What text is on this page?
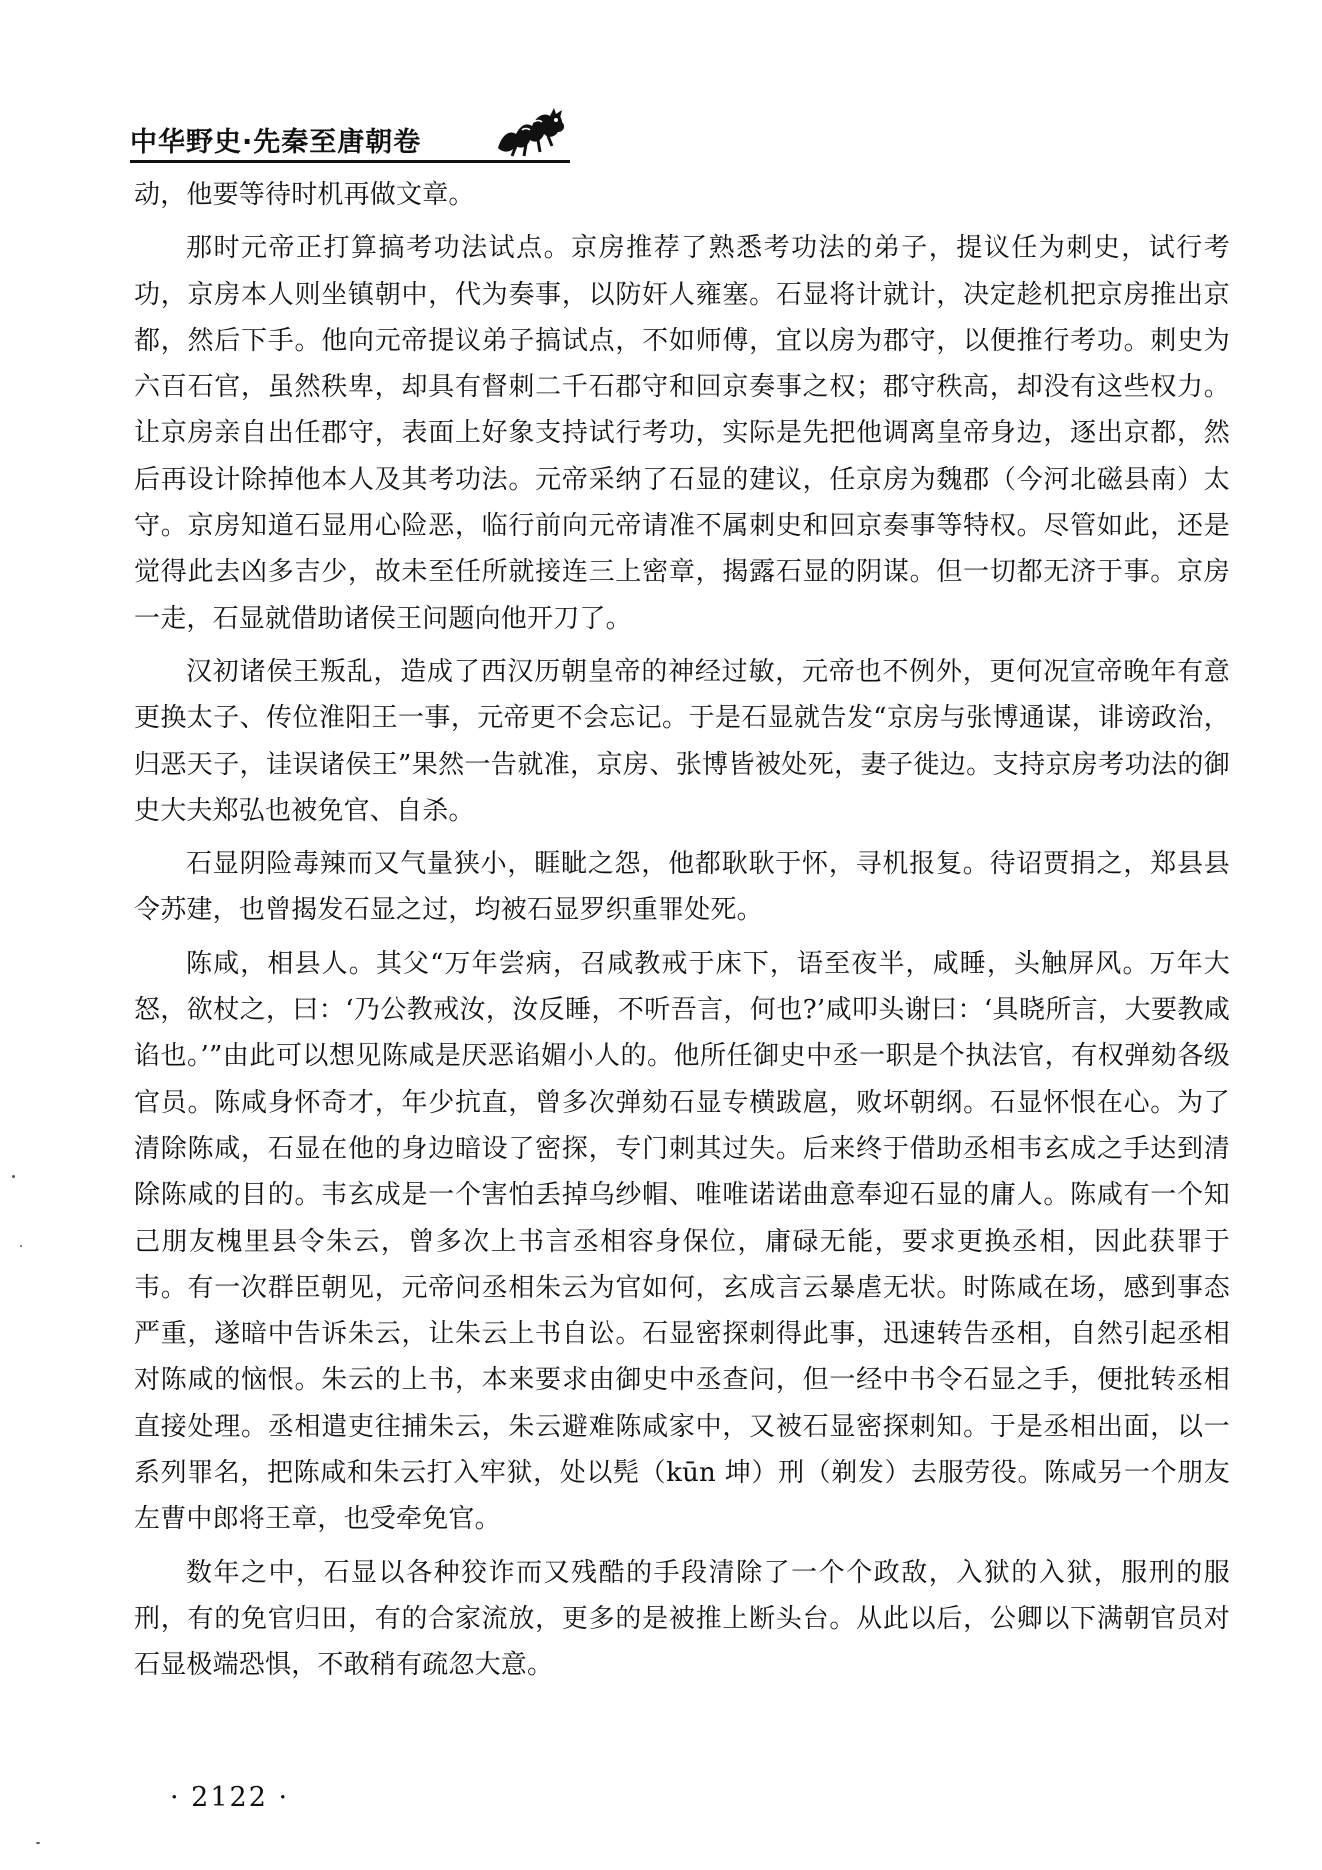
中华野史·先秦至唐朝卷

动，他要等待时机再做文章。

那时元帝正打算搞考功法试点。京房推荐了熟悉考功法的弟子，提议任为刺史，试行考功，京房本人则坐镇朝中，代为奏事，以防奸人雍塞。石显将计就计，决定趁机把京房推出京都，然后下手。他向元帝提议弟子搞试点，不如师傅，宜以房为郡守，以便推行考功。刺史为六百石官，虽然秩卑，却具有督刺二千石郡守和回京奏事之权；郡守秩高，却没有这些权力。让京房亲自出任郡守，表面上好象支持试行考功，实际是先把他调离皇帝身边，逐出京都，然后再设计除掉他本人及其考功法。元帝采纳了石显的建议，任京房为魏郡（今河北磁县南）太守。京房知道石显用心险恶，临行前向元帝请准不属刺史和回京奏事等特权。尽管如此，还是觉得此去凶多吉少，故未至任所就接连三上密章，揭露石显的阴谋。但一切都无济于事。京房一走，石显就借助诸侯王问题向他开刀了。

汉初诸侯王叛乱，造成了西汉历朝皇帝的神经过敏，元帝也不例外，更何况宣帝晚年有意更换太子、传位淮阳王一事，元帝更不会忘记。于是石显就告发“京房与张博通谋，诽谤政治，归恶天子，诖误诸侯王”果然一告就准，京房、张博皆被处死，妻子徙边。支持京房考功法的御史大夫郑弘也被免官、自杀。

石显阴险毒辣而又气量狭小，睚眦之怨，他都耿耿于怀，寻机报复。待诏贾捐之，郑县县令苏建，也曾揭发石显之过，均被石显罗织重罪处死。

陈咸，相县人。其父“万年尝病，召咸教戒于床下，语至夜半，咸睡，头触屏风。万年大怒，欲杖之，曰：‘乃公教戒汝，汝反睡，不听吾言，何也?’咸叩头谢曰：‘具晓所言，大要教咸谄也。’”由此可以想见陈咸是厌恶谄媚小人的。他所任御史中丞一职是个执法官，有权弹劾各级官员。陈咸身怀奇才，年少抗直，曾多次弹劾石显专横跋扈，败坏朝纲。石显怀恨在心。为了清除陈咸，石显在他的身边暗设了密探，专门刺其过失。后来终于借助丞相韦玄成之手达到清除陈咸的目的。韦玄成是一个害怕丢掉乌纱帽、唯唯诺诺曲意奉迎石显的庸人。陈咸有一个知己朋友槐里县令朱云，曾多次上书言丞相容身保位，庸碌无能，要求更换丞相，因此获罪于韦。有一次群臣朝见，元帝问丞相朱云为官如何，玄成言云暴虐无状。时陈咸在场，感到事态严重，遂暗中告诉朱云，让朱云上书自讼。石显密探刺得此事，迅速转告丞相，自然引起丞相对陈咸的恼恨。朱云的上书，本来要求由御史中丞查问，但一经中书令石显之手，便批转丞相直接处理。丞相遣吏往捕朱云，朱云避难陈咸家中，又被石显密探刺知。于是丞相出面，以一系列罪名，把陈咸和朱云打入牢狱，处以髡（kūn 坤）刑（剃发）去服劳役。陈咸另一个朋友左曹中郎将王章，也受牵免官。

数年之中，石显以各种狡诈而又残酷的手段清除了一个个政敌，入狱的入狱，服刑的服刑，有的免官归田，有的合家流放，更多的是被推上断头台。从此以后，公卿以下满朝官员对石显极端恐惧，不敢稍有疏忽大意。

· 2122 ·
